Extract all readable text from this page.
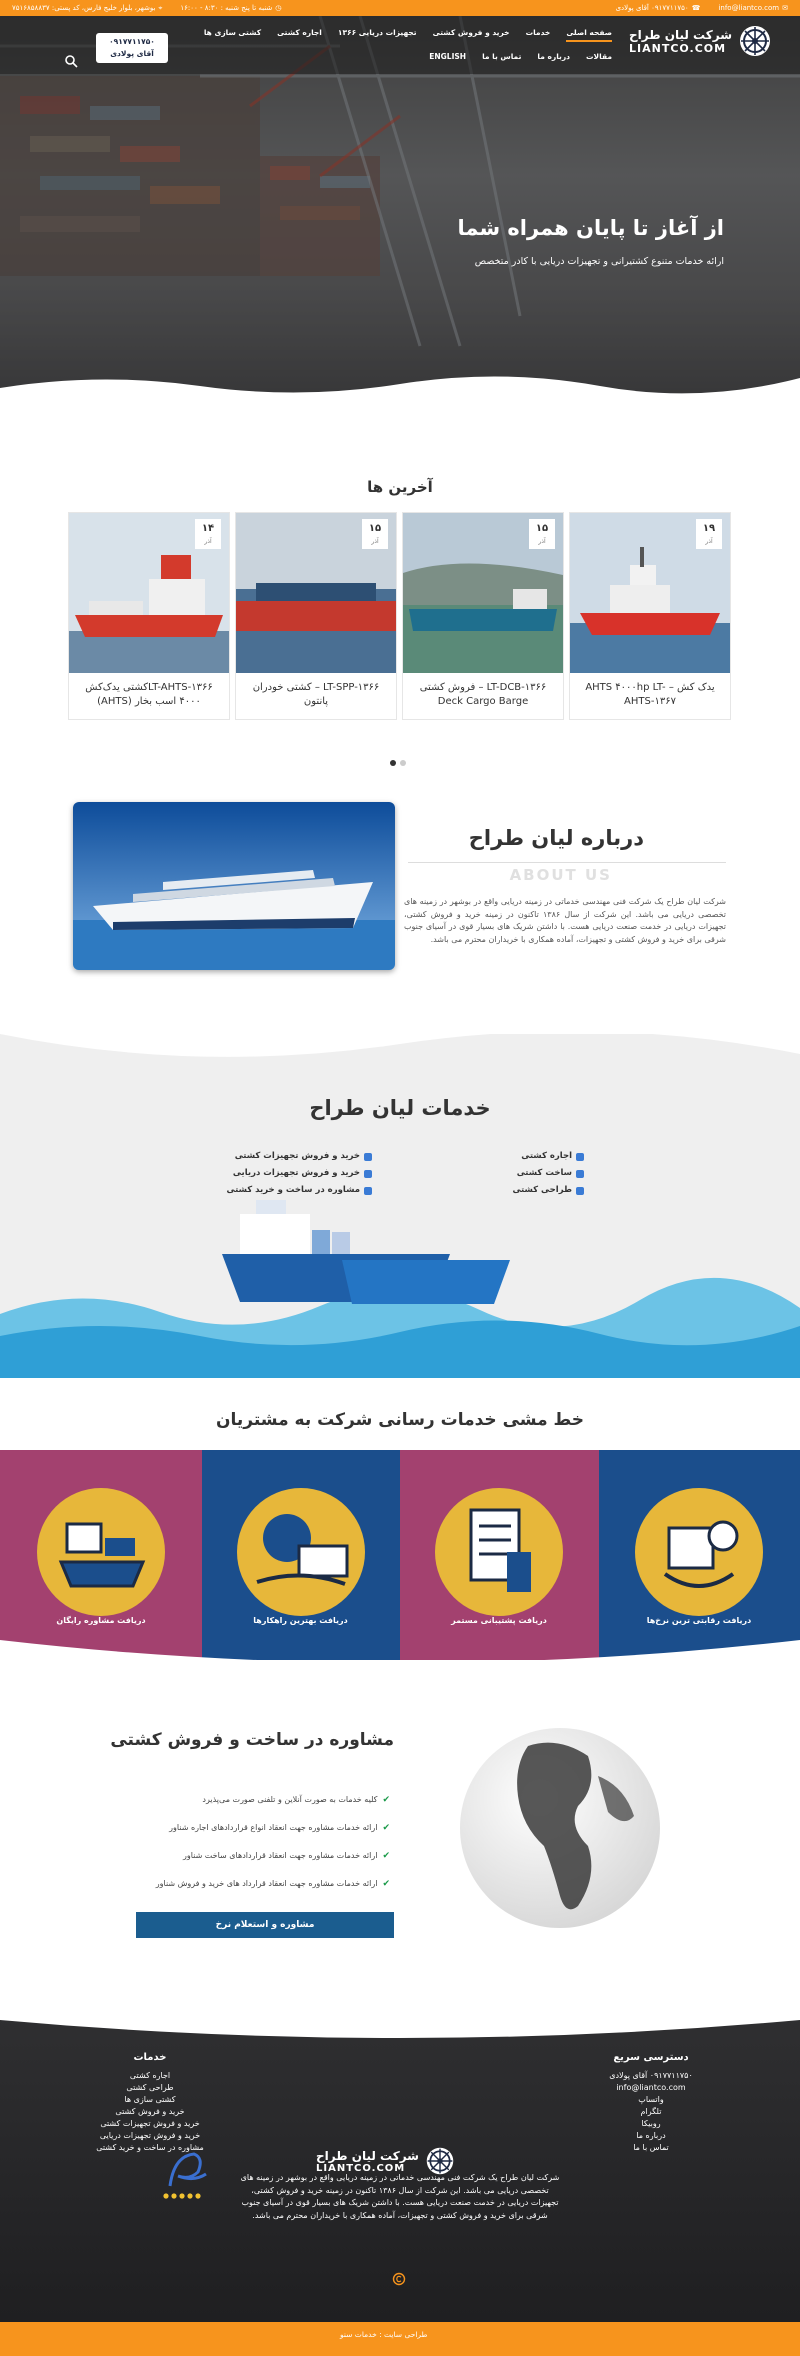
✉
info@liantco.com
☎
۰۹۱۷۷۱۱۷۵۰ آقای پولادی
◷
شنبه تا پنج شنبه : ۸:۳۰ - ۱۶:۰۰
⌖
بوشهر، بلوار خلیج فارس، کد پستی: ۷۵۱۶۸۵۸۸۳۷
از آغاز تا پایان همراه شما
ارائه خدمات متنوع کشتیرانی و تجهیزات دریایی با کادر متخصص
شرکت لیان طراح
LIANTCO.COM
صفحه اصلی
خدمات
خرید و فروش کشتی
تجهیزات دریایی ۱۳۶۶
اجاره کشتی
کشتی سازی ها
مقالات
درباره ما
تماس با ما
ENGLISH
۰۹۱۷۷۱۱۷۵۰
آقای پولادی
آخرین ها
۱۹
آذر
یدک کش – AHTS ۴۰۰۰hp LT-AHTS-۱۳۶۷
۱۵
آذر
LT-DCB-۱۳۶۶ – فروش کشتی Deck Cargo Barge
۱۵
آذر
LT-SPP-۱۳۶۶ – کشتی خودران پانتون
۱۴
آذر
LT-AHTS-۱۳۶۶کشتی یدک‌کش ۴۰۰۰ اسب بخار (AHTS)
درباره لیان طراح
ABOUT US
شرکت لیان طراح یک شرکت فنی مهندسی خدماتی در زمینه دریایی واقع در بوشهر در زمینه های تخصصی دریایی می باشد. این شرکت از سال ۱۳۸۶ تاکنون در زمینه خرید و فروش کشتی، تجهیزات دریایی در خدمت صنعت دریایی هست. با داشتن شریک های بسیار قوی در آسیای جنوب شرقی برای خرید و فروش کشتی و تجهیزات، آماده همکاری با خریداران محترم می باشد.
خدمات لیان طراح
اجاره کشتی
ساخت کشتی
طراحی کشتی
خرید و فروش تجهیزات کشتی
خرید و فروش تجهیزات دریایی
مشاوره در ساخت و خرید کشتی
خط مشی خدمات رسانی شرکت به مشتریان
دریافت رقابتی ترین نرخ‌ها
دریافت پشتیبانی مستمر
دریافت بهترین راهکارها
دریافت مشاوره رایگان
مشاوره در ساخت و فروش کشتی
✔
کلیه خدمات به صورت آنلاین و تلفنی صورت می‌پذیرد
✔
ارائه خدمات مشاوره جهت انعقاد انواع قراردادهای اجاره شناور
✔
ارائه خدمات مشاوره جهت انعقاد قراردادهای ساخت شناور
✔
ارائه خدمات مشاوره جهت انعقاد قرارداد های خرید و فروش شناور
مشاوره و استعلام نرخ
دسترسی سریع
۰۹۱۷۷۱۱۷۵۰ آقای پولادی
info@liantco.com
واتساپ
تلگرام
روبیکا
درباره ما
تماس با ما
خدمات
اجاره کشتی
طراحی کشتی
کشتی سازی ها
خرید و فروش کشتی
خرید و فروش تجهیزات کشتی
خرید و فروش تجهیزات دریایی
مشاوره در ساخت و خرید کشتی
شرکت لیان طراح
LIANTCO.COM
شرکت لیان طراح یک شرکت فنی مهندسی خدماتی در زمینه دریایی واقع در بوشهر در زمینه های تخصصی دریایی می باشد. این شرکت از سال ۱۳۸۶ تاکنون در زمینه خرید و فروش کشتی، تجهیزات دریایی در خدمت صنعت دریایی هست. با داشتن شریک های بسیار قوی در آسیای جنوب شرقی برای خرید و فروش کشتی و تجهیزات، آماده همکاری با خریداران محترم می باشد.
طراحی سایت : خدمات سنو
